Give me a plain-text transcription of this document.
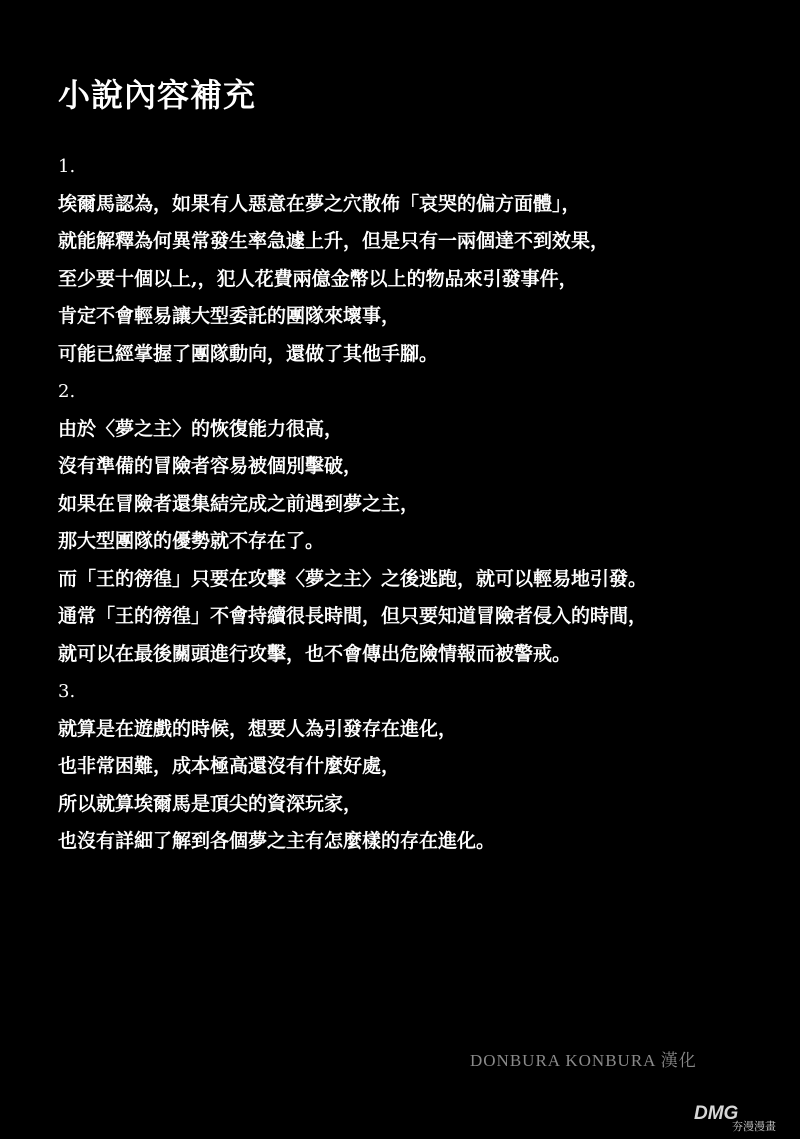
小說內容補充
1.
埃爾馬認為，如果有人惡意在夢之穴散佈「哀哭的偏方面體」，
就能解釋為何異常發生率急遽上升，但是只有一兩個達不到效果，
至少要十個以上,，犯人花費兩億金幣以上的物品來引發事件，
肯定不會輕易讓大型委託的團隊來壞事，
可能已經掌握了團隊動向，還做了其他手腳。
2.
由於〈夢之主〉的恢復能力很高，
沒有準備的冒險者容易被個別擊破，
如果在冒險者還集結完成之前遇到夢之主，
那大型團隊的優勢就不存在了。
而「王的徬徨」只要在攻擊〈夢之主〉之後逃跑，就可以輕易地引發。
通常「王的徬徨」不會持續很長時間，但只要知道冒險者侵入的時間，
就可以在最後關頭進行攻擊，也不會傳出危險情報而被警戒。
3.
就算是在遊戲的時候，想要人為引發存在進化，
也非常困難，成本極高還沒有什麼好處，
所以就算埃爾馬是頂尖的資深玩家，
也沒有詳細了解到各個夢之主有怎麼樣的存在進化。
DONBURA KONBURA 漢化
DMG
夯漫漫畫
